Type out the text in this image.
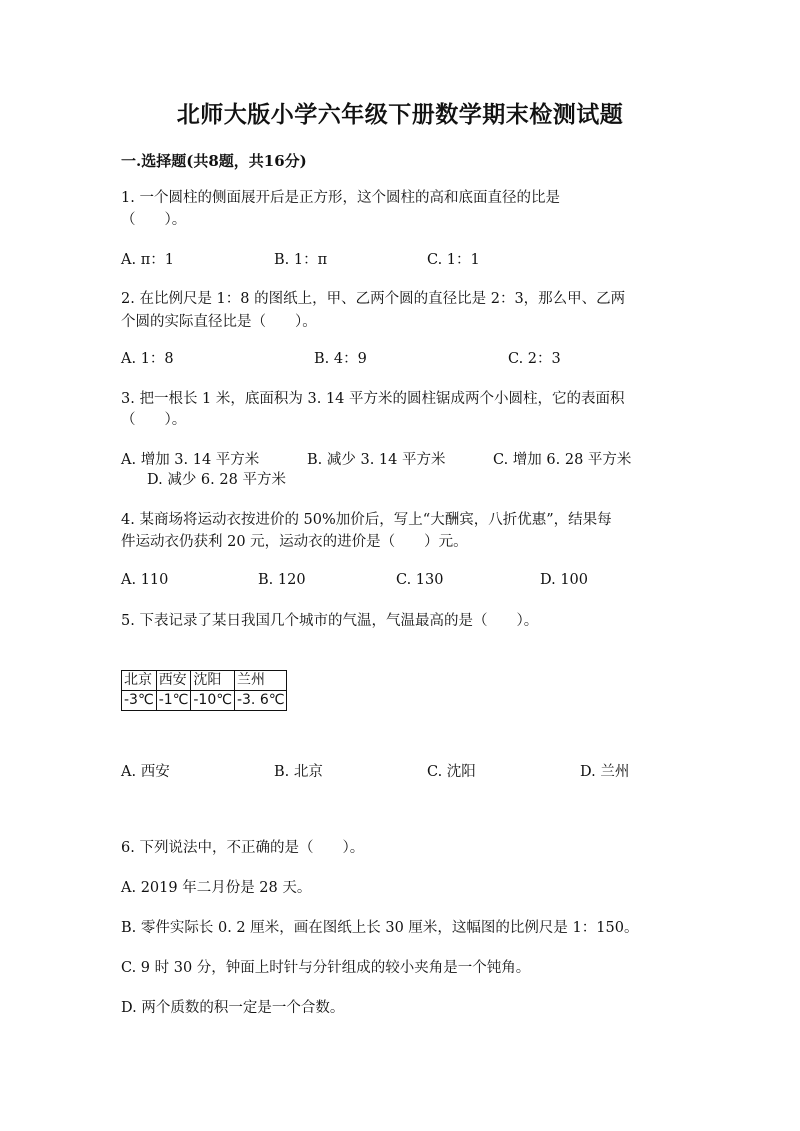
北师大版小学六年级下册数学期末检测试题
一.选择题(共8题，共16分)
1. 一个圆柱的侧面展开后是正方形，这个圆柱的高和底面直径的比是
（　　）。
A. π：1	B. 1：π	C. 1：1
2. 在比例尺是 1：8 的图纸上，甲、乙两个圆的直径比是 2：3，那么甲、乙两
个圆的实际直径比是（　　）。
A. 1：8	B. 4：9	C. 2：3
3. 把一根长 1 米，底面积为 3. 14 平方米的圆柱锯成两个小圆柱，它的表面积
（　　）。
A. 增加 3. 14 平方米	B. 减少 3. 14 平方米	C. 增加 6. 28 平方米
D. 减少 6. 28 平方米
4. 某商场将运动衣按进价的 50%加价后，写上“大酬宾，八折优惠”，结果每
件运动衣仍获利 20 元，运动衣的进价是（　　）元。
A. 110	B. 120	C. 130	D. 100
5. 下表记录了某日我国几个城市的气温，气温最高的是（　　）。
北京	西安	沈阳	兰州
-3℃	-1℃	-10℃	-3. 6℃
A. 西安	B. 北京	C. 沈阳	D. 兰州
6. 下列说法中，不正确的是（　　）。
A. 2019 年二月份是 28 天。
B. 零件实际长 0. 2 厘米，画在图纸上长 30 厘米，这幅图的比例尺是 1：150。
C. 9 时 30 分，钟面上时针与分针组成的较小夹角是一个钝角。
D. 两个质数的积一定是一个合数。
